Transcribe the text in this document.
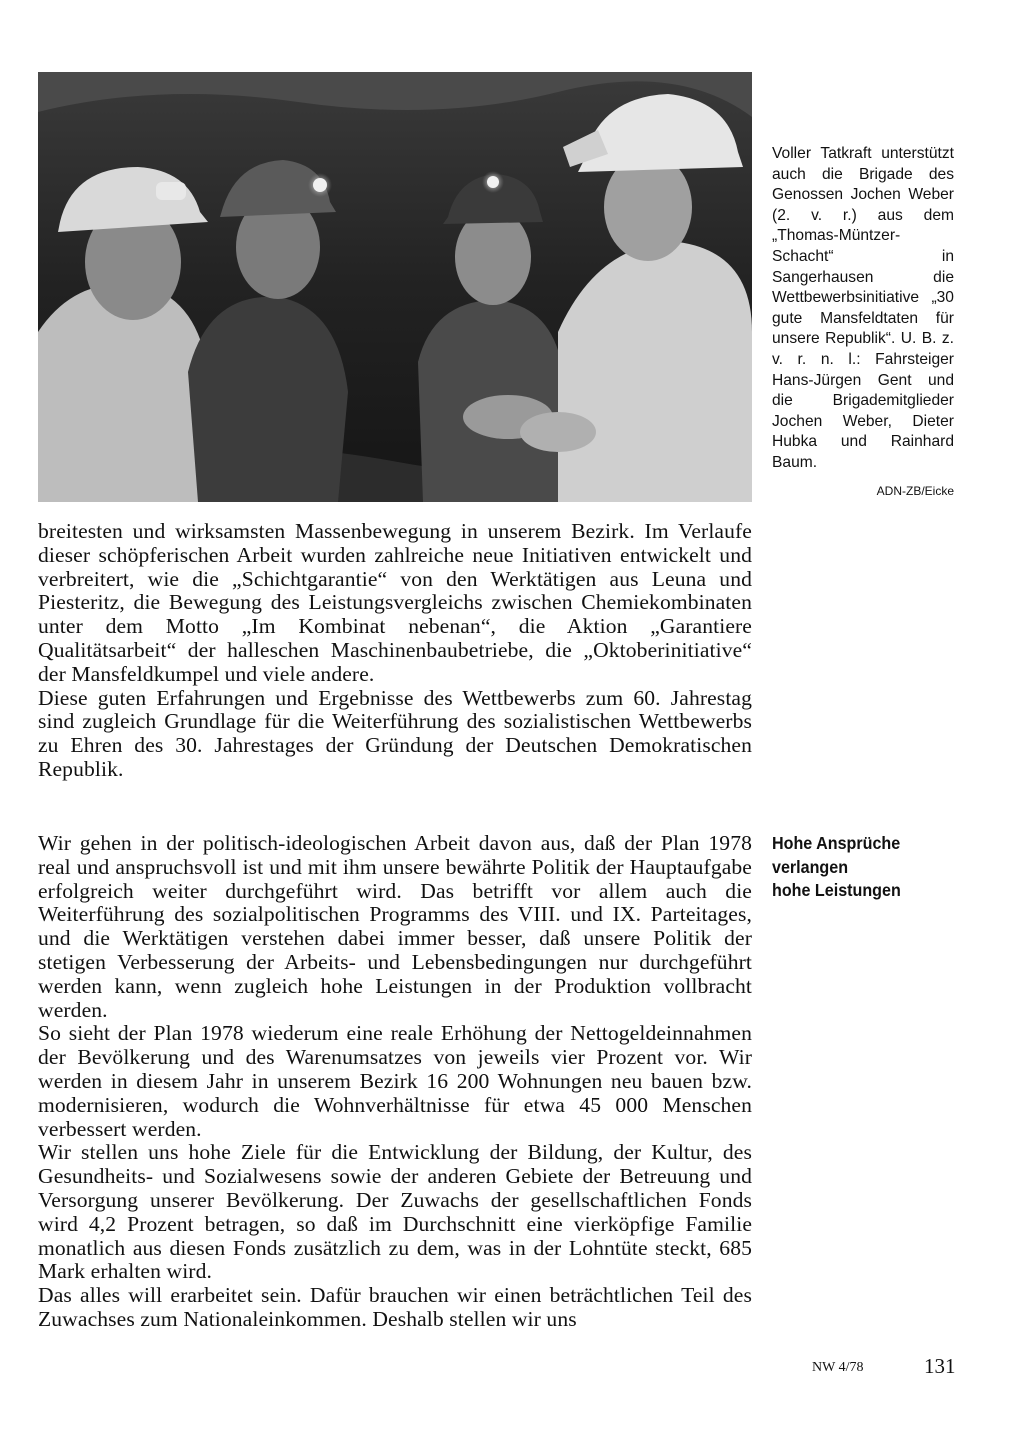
Voller Tatkraft unterstützt auch die Brigade des Genossen Jochen Weber (2. v. r.) aus dem „Thomas-Müntzer-Schacht“ in Sangerhausen die Wettbewerbsinitiative „30 gute Mansfeldtaten für unsere Republik“. U. B. z. v. r. n. l.: Fahrsteiger Hans-Jürgen Gent und die Brigademitglieder Jochen Weber, Dieter Hubka und Rainhard Baum.
ADN-ZB/Eicke

breitesten und wirksamsten Massenbewegung in unserem Bezirk. Im Verlaufe dieser schöpferischen Arbeit wurden zahlreiche neue Initiativen entwickelt und verbreitert, wie die „Schichtgarantie“ von den Werktätigen aus Leuna und Piesteritz, die Bewegung des Leistungsvergleichs zwischen Chemiekombinaten unter dem Motto „Im Kombinat nebenan“, die Aktion „Garantiere Qualitätsarbeit“ der halleschen Maschinenbaubetriebe, die „Oktoberinitiative“ der Mansfeldkumpel und viele andere.

Diese guten Erfahrungen und Ergebnisse des Wettbewerbs zum 60. Jahrestag sind zugleich Grundlage für die Weiterführung des sozialistischen Wettbewerbs zu Ehren des 30. Jahrestages der Gründung der Deutschen Demokratischen Republik.

Hohe Ansprüche
verlangen
hohe Leistungen

Wir gehen in der politisch-ideologischen Arbeit davon aus, daß der Plan 1978 real und anspruchsvoll ist und mit ihm unsere bewährte Politik der Hauptaufgabe erfolgreich weiter durchgeführt wird. Das betrifft vor allem auch die Weiterführung des sozialpolitischen Programms des VIII. und IX. Parteitages, und die Werktätigen verstehen dabei immer besser, daß unsere Politik der stetigen Verbesserung der Arbeits- und Lebensbedingungen nur durchgeführt werden kann, wenn zugleich hohe Leistungen in der Produktion vollbracht werden.

So sieht der Plan 1978 wiederum eine reale Erhöhung der Nettogeldeinnahmen der Bevölkerung und des Warenumsatzes von jeweils vier Prozent vor. Wir werden in diesem Jahr in unserem Bezirk 16 200 Wohnungen neu bauen bzw. modernisieren, wodurch die Wohnverhältnisse für etwa 45 000 Menschen verbessert werden.

Wir stellen uns hohe Ziele für die Entwicklung der Bildung, der Kultur, des Gesundheits- und Sozialwesens sowie der anderen Gebiete der Betreuung und Versorgung unserer Bevölkerung. Der Zuwachs der gesellschaftlichen Fonds wird 4,2 Prozent betragen, so daß im Durchschnitt eine vierköpfige Familie monatlich aus diesen Fonds zusätzlich zu dem, was in der Lohntüte steckt, 685 Mark erhalten wird.

Das alles will erarbeitet sein. Dafür brauchen wir einen beträchtlichen Teil des Zuwachses zum Nationaleinkommen. Deshalb stellen wir uns

NW 4/78	131
